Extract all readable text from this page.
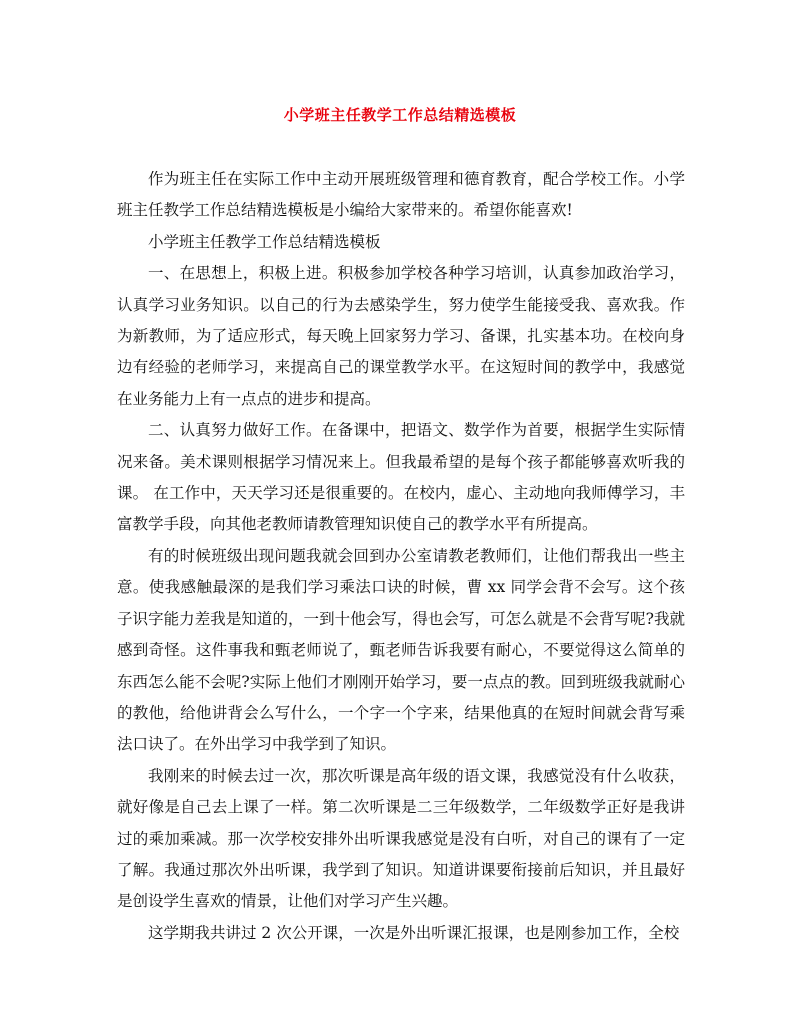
小学班主任教学工作总结精选模板

作为班主任在实际工作中主动开展班级管理和德育教育，配合学校工作。小学班主任教学工作总结精选模板是小编给大家带来的。希望你能喜欢!

小学班主任教学工作总结精选模板

一、在思想上，积极上进。积极参加学校各种学习培训，认真参加政治学习，认真学习业务知识。以自己的行为去感染学生，努力使学生能接受我、喜欢我。作为新教师，为了适应形式，每天晚上回家努力学习、备课，扎实基本功。在校向身边有经验的老师学习，来提高自己的课堂教学水平。在这短时间的教学中，我感觉在业务能力上有一点点的进步和提高。

二、认真努力做好工作。在备课中，把语文、数学作为首要，根据学生实际情况来备。美术课则根据学习情况来上。但我最希望的是每个孩子都能够喜欢听我的课。 在工作中，天天学习还是很重要的。在校内，虚心、主动地向我师傅学习，丰富教学手段，向其他老教师请教管理知识使自己的教学水平有所提高。

有的时候班级出现问题我就会回到办公室请教老教师们，让他们帮我出一些主意。使我感触最深的是我们学习乘法口诀的时候，曹 xx 同学会背不会写。这个孩子识字能力差我是知道的，一到十他会写，得也会写，可怎么就是不会背写呢?我就感到奇怪。这件事我和甄老师说了，甄老师告诉我要有耐心，不要觉得这么简单的东西怎么能不会呢?实际上他们才刚刚开始学习，要一点点的教。回到班级我就耐心的教他，给他讲背会么写什么，一个字一个字来，结果他真的在短时间就会背写乘法口诀了。在外出学习中我学到了知识。

我刚来的时候去过一次，那次听课是高年级的语文课，我感觉没有什么收获，就好像是自己去上课了一样。第二次听课是二三年级数学，二年级数学正好是我讲过的乘加乘减。那一次学校安排外出听课我感觉是没有白听，对自己的课有了一定了解。我通过那次外出听课，我学到了知识。知道讲课要衔接前后知识，并且最好是创设学生喜欢的情景，让他们对学习产生兴趣。

这学期我共讲过 2 次公开课，一次是外出听课汇报课，也是刚参加工作，全校
